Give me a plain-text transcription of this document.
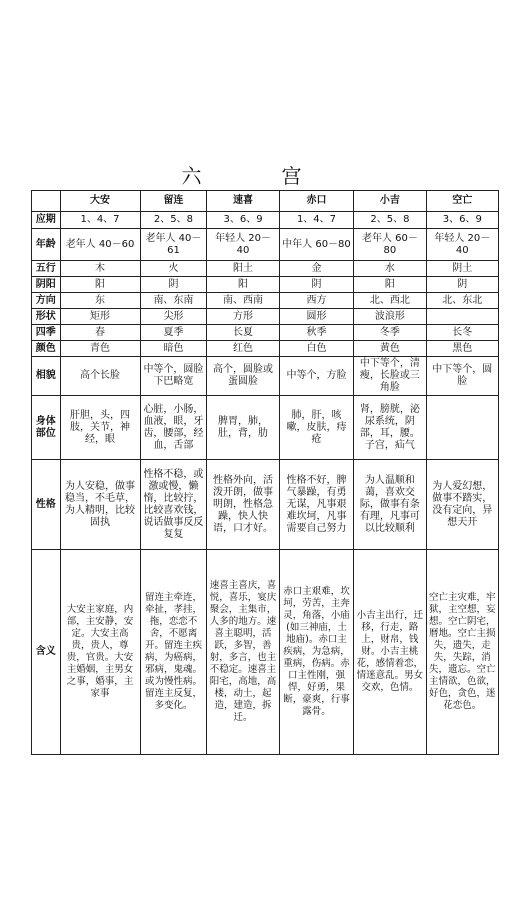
六　宫
	大安	留连	速喜	赤口	小吉	空亡
应期	1、4、7	2、5、8	3、6、9	1、4、7	2、5、8	3、6、9
年龄	老年人 40－60	老年人 40－61	年轻人 20－40	中年人 60－80	老年人 60－80	年轻人 20－40
五行	木	火	阳土	金	水	阴土
阴阳	阳	阴	阳	阴	阳	阴
方向	东	南、东南	南、西南	西方	北、西北	北、东北
形状	矩形	尖形	方形	圆形	波浪形	
四季	春	夏季	长夏	秋季	冬季	长冬
颜色	青色	暗色	红色	白色	黄色	黑色
相貌	高个长脸	中等个，圆脸下巴略宽	高个，圆脸或蛋圆脸	中等个，方脸	中下等个，清瘦，长脸或三角脸	中下等个，圆脸
身体部位	肝胆，头，四肢，关节，神经，眼	心脏，小肠，血液，眼，牙齿，腰部，经血，舌部	脾胃，肺，肚，背，肋	肺，肝，咳嗽，皮肤，痔疮	肾，膀胱，泌尿系统，阴部，耳，腰。子宫，疝气	
性格	为人安稳，做事稳当，不毛草，为人精明，比较固执	性格不稳，或激或慢，懒惰，比较拧，比较喜欢钱，说话做事反反复复	性格外向，活泼开朗，做事明朗，性格急躁，快人快语，口才好。	性格不好，脾气暴躁，有勇无谋，凡事艰难坎坷，凡事需要自己努力	为人温顺和蔼，喜欢交际，做事有条有理，凡事可以比较顺利	为人爱幻想，做事不踏实，没有定向，异想天开
含义	大安主家庭，内部，主安静，安定。大安主高贵，贵人，尊贵，官贵。大安主婚姻，主男女之事，婚事，主家事	留连主牵连，牵扯，孝挂，拖，恋恋不舍，不愿离开。留连主疾病，为癌病，邪病，鬼魂。或为慢性病。留连主反复，多变化。	速喜主喜庆，喜悦，喜乐，宴庆聚会，主集市，人多的地方。速喜主聪明，活跃，多智，善射，多言，也主不稳定。速喜主阳宅，高地，高楼，动土，起造，建造，拆迁。	赤口主艰难，坎坷，劳苦，主奔灵，角落，小庙(如三神庙，土地庙)。赤口主疾病，为急病，重病，伤病。赤口主性刚，强悍，好勇，果断，豪爽，行事露骨。	小吉主出行，迁移，行走，路上，财帛，钱财。小吉主桃花，感情着恋，情迷意乱。男女交欢，色情。	空亡主灾难，牢狱，主空想，妄想。空亡阴宅，暦地。空亡主损失，遗失，走失，失踪，消失，遗忘。空亡主情欲，色欲，好色，贪色，迷花恋色。
